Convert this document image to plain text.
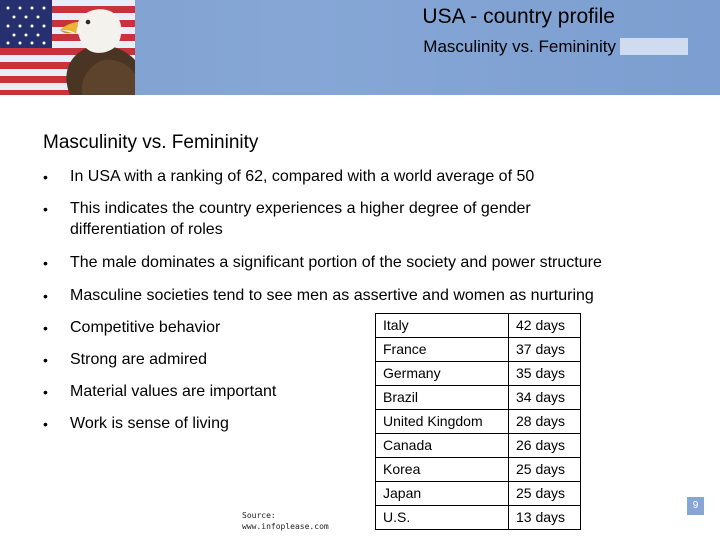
USA - country profile
Masculinity vs. Femininity
Masculinity vs. Femininity
• In USA with a ranking of 62, compared with a world average of 50
• This indicates the country experiences a higher degree of gender
differentiation of roles
• The male dominates a significant portion of the society and power structure
• Masculine societies tend to see men as assertive and women as nurturing
• Competitive behavior
• Strong are admired
• Material values are important
• Work is sense of living
Italy	42 days
France	37 days
Germany	35 days
Brazil	34 days
United Kingdom	28 days
Canada	26 days
Korea	25 days
Japan	25 days
U.S.	13 days
Source:
www.infoplease.com
9
